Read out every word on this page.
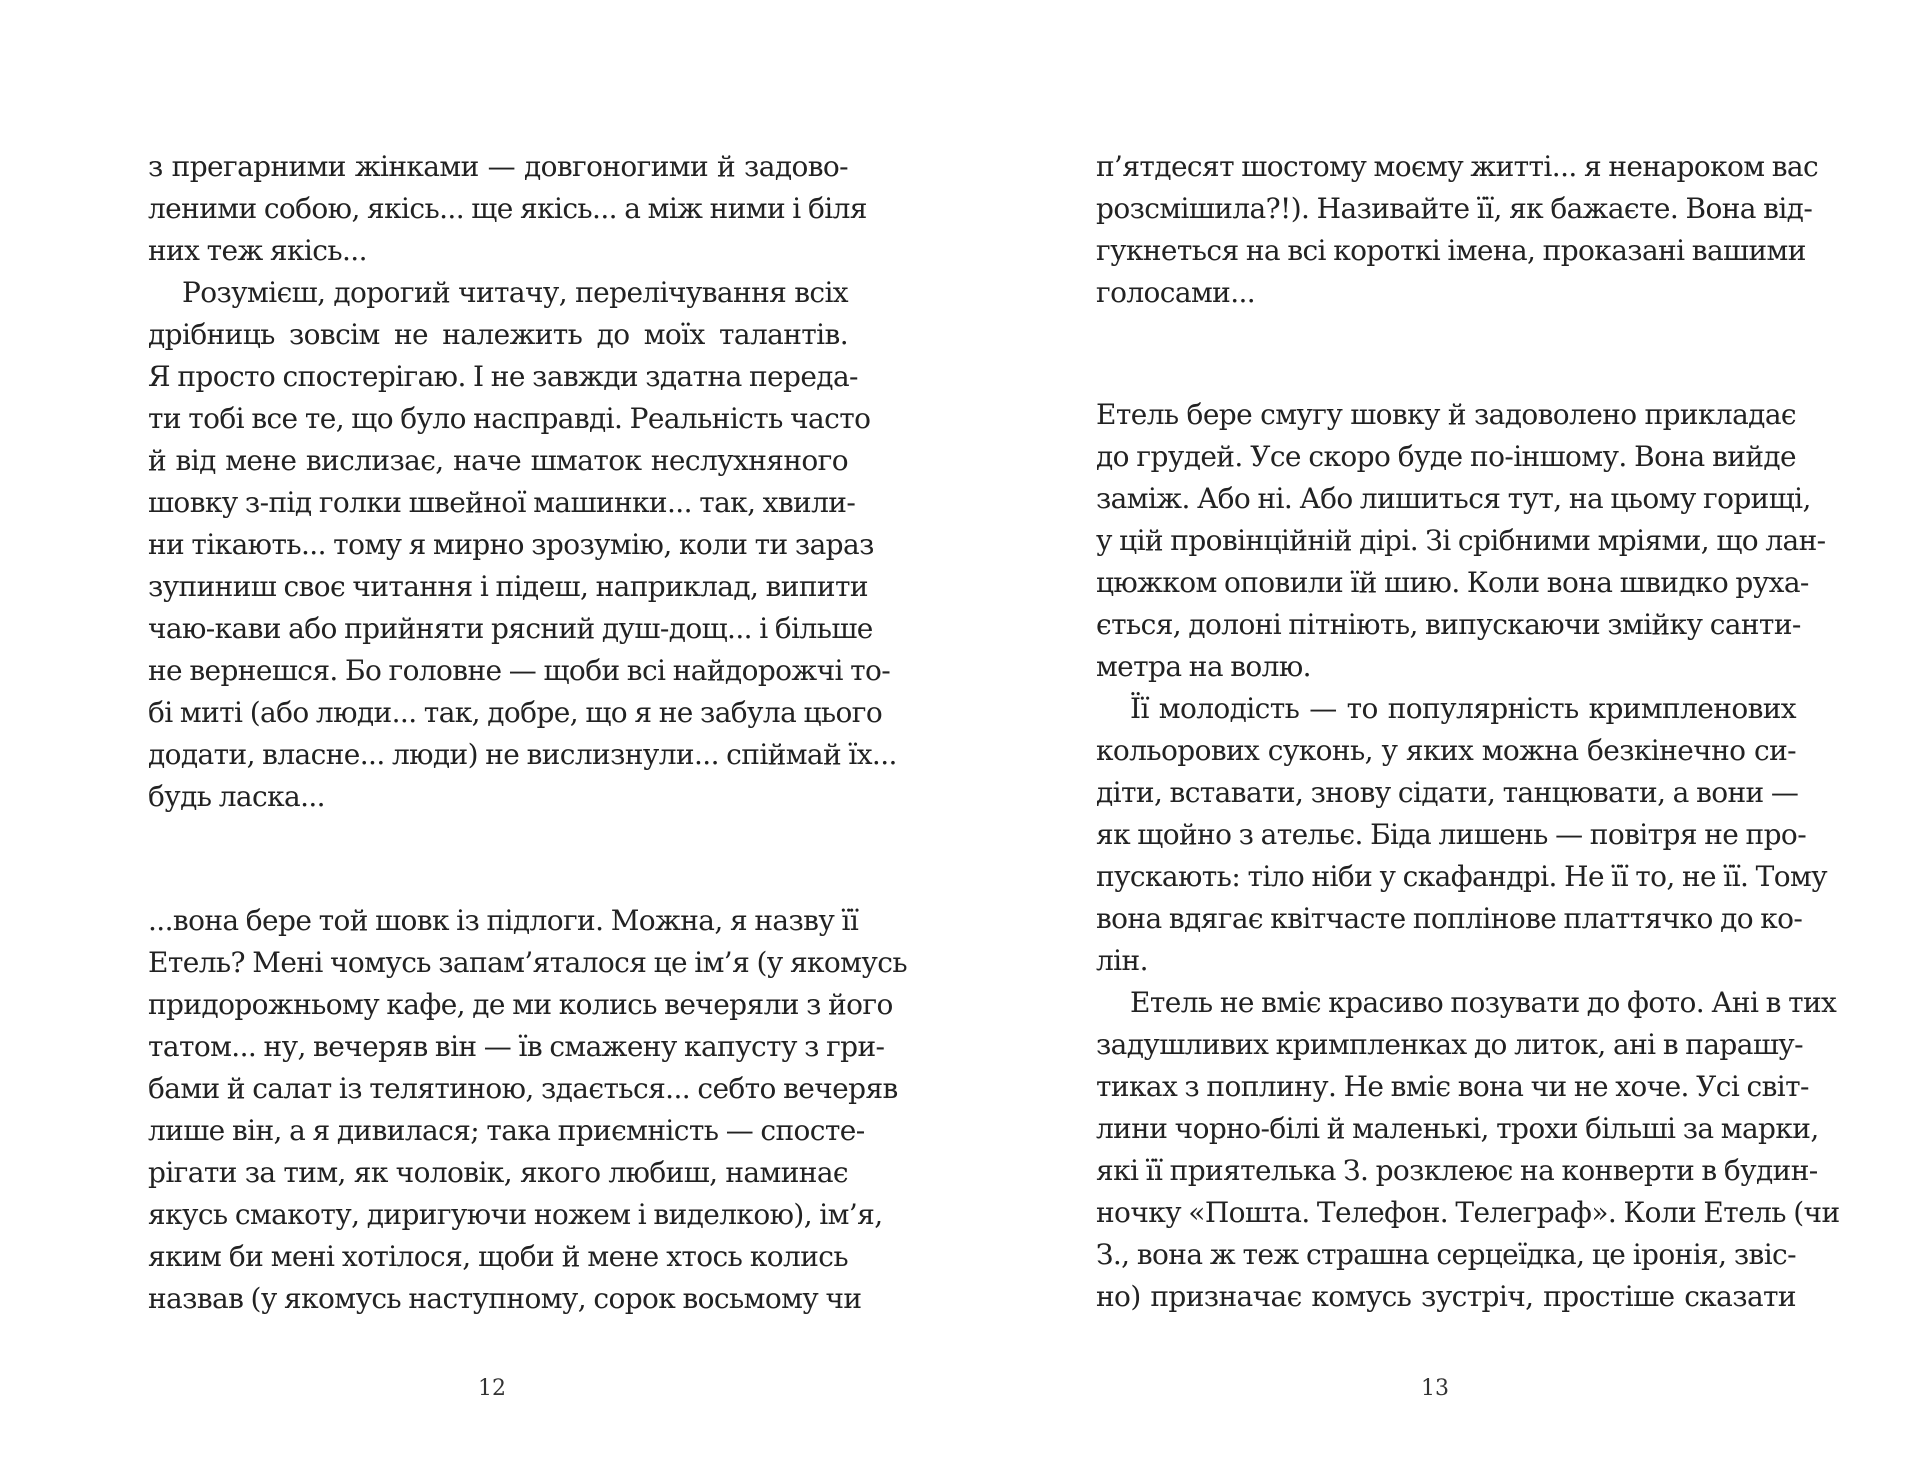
з прегарними жінками — довгоногими й задово-
леними собою, якісь... ще якісь... а між ними і біля
них теж якісь...
Розумієш, дорогий читачу, перелічування всіх
дрібниць зовсім не належить до моїх талантів.
Я просто спостерігаю. І не завжди здатна переда-
ти тобі все те, що було насправді. Реальність часто
й від мене вислизає, наче шматок неслухняного
шовку з-під голки швейної машинки... так, хвили-
ни тікають... тому я мирно зрозумію, коли ти зараз
зупиниш своє читання і підеш, наприклад, випити
чаю-кави або прийняти рясний душ-дощ... і більше
не вернешся. Бо головне — щоби всі найдорожчі то-
бі миті (або люди... так, добре, що я не забула цього
додати, власне... люди) не вислизнули... спіймай їх...
будь ласка...
...вона бере той шовк із підлоги. Можна, я назву її
Етель? Мені чомусь запам’яталося це ім’я (у якомусь
придорожньому кафе, де ми колись вечеряли з його
татом... ну, вечеряв він — їв смажену капусту з гри-
бами й салат із телятиною, здається... себто вечеряв
лише він, а я дивилася; така приємність — спосте-
рігати за тим, як чоловік, якого любиш, наминає
якусь смакоту, диригуючи ножем і виделкою), ім’я,
яким би мені хотілося, щоби й мене хтось колись
назвав (у якомусь наступному, сорок восьмому чи
12
п’ятдесят шостому моєму житті... я ненароком вас
розсмішила?!). Називайте її, як бажаєте. Вона від-
гукнеться на всі короткі імена, проказані вашими
голосами...
Етель бере смугу шовку й задоволено прикладає
до грудей. Усе скоро буде по-іншому. Вона вийде
заміж. Або ні. Або лишиться тут, на цьому горищі,
у цій провінційній дірі. Зі срібними мріями, що лан-
цюжком оповили їй шию. Коли вона швидко руха-
ється, долоні пітніють, випускаючи змійку санти-
метра на волю.
Її молодість — то популярність кримпленових
кольорових суконь, у яких можна безкінечно си-
діти, вставати, знову сідати, танцювати, а вони —
як щойно з ательє. Біда лишень — повітря не про-
пускають: тіло ніби у скафандрі. Не її то, не її. Тому
вона вдягає квітчасте поплінове платтячко до ко-
лін.
Етель не вміє красиво позувати до фото. Ані в тих
задушливих кримпленках до литок, ані в парашу-
тиках з поплину. Не вміє вона чи не хоче. Усі світ-
лини чорно-білі й маленькі, трохи більші за марки,
які її приятелька З. розклеює на конверти в будин-
ночку «Пошта. Телефон. Телеграф». Коли Етель (чи
З., вона ж теж страшна серцеїдка, це іронія, звіс-
но) призначає комусь зустріч, простіше сказати
13
